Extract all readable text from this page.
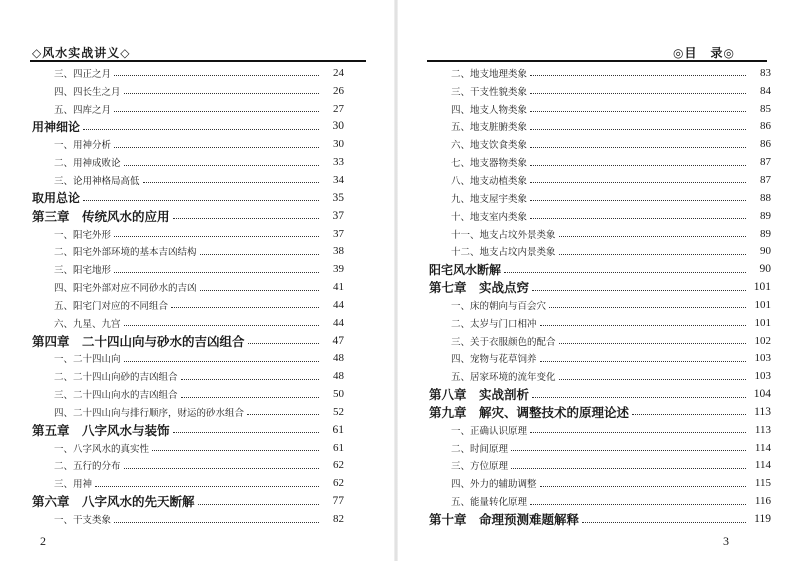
◇风水实战讲义◇
三、四正之月	24
四、四长生之月	26
五、四库之月	27
用神细论	30
一、用神分析	30
二、用神成败论	33
三、论用神格局高低	34
取用总论	35
第三章　传统风水的应用	37
一、阳宅外形	37
二、阳宅外部环境的基本吉凶结构	38
三、阳宅地形	39
四、阳宅外部对应不同砂水的吉凶	41
五、阳宅门对应的不同组合	44
六、九星、九宫	44
第四章　二十四山向与砂水的吉凶组合	47
一、二十四山向	48
二、二十四山向砂的吉凶组合	48
三、二十四山向水的吉凶组合	50
四、二十四山向与排行顺序，财运的砂水组合	52
第五章　八字风水与装饰	61
一、八字风水的真实性	61
二、五行的分布	62
三、用神	62
第六章　八字风水的先天断解	77
一、干支类象	82
2
◎目　录◎
二、地支地理类象	83
三、干支性貌类象	84
四、地支人物类象	85
五、地支脏腑类象	86
六、地支饮食类象	86
七、地支器物类象	87
八、地支动植类象	87
九、地支屋宇类象	88
十、地支室内类象	89
十一、地支占坟外景类象	89
十二、地支占坟内景类象	90
阳宅风水断解	90
第七章　实战点窍	101
一、床的朝向与百会穴	101
二、太岁与门口相冲	101
三、关于衣服颜色的配合	102
四、宠物与花草饲养	103
五、居家环境的流年变化	103
第八章　实战剖析	104
第九章　解灾、调整技术的原理论述	113
一、正确认识原理	113
二、时间原理	114
三、方位原理	114
四、外力的辅助调整	115
五、能量转化原理	116
第十章　命理预测难题解释	119
3
